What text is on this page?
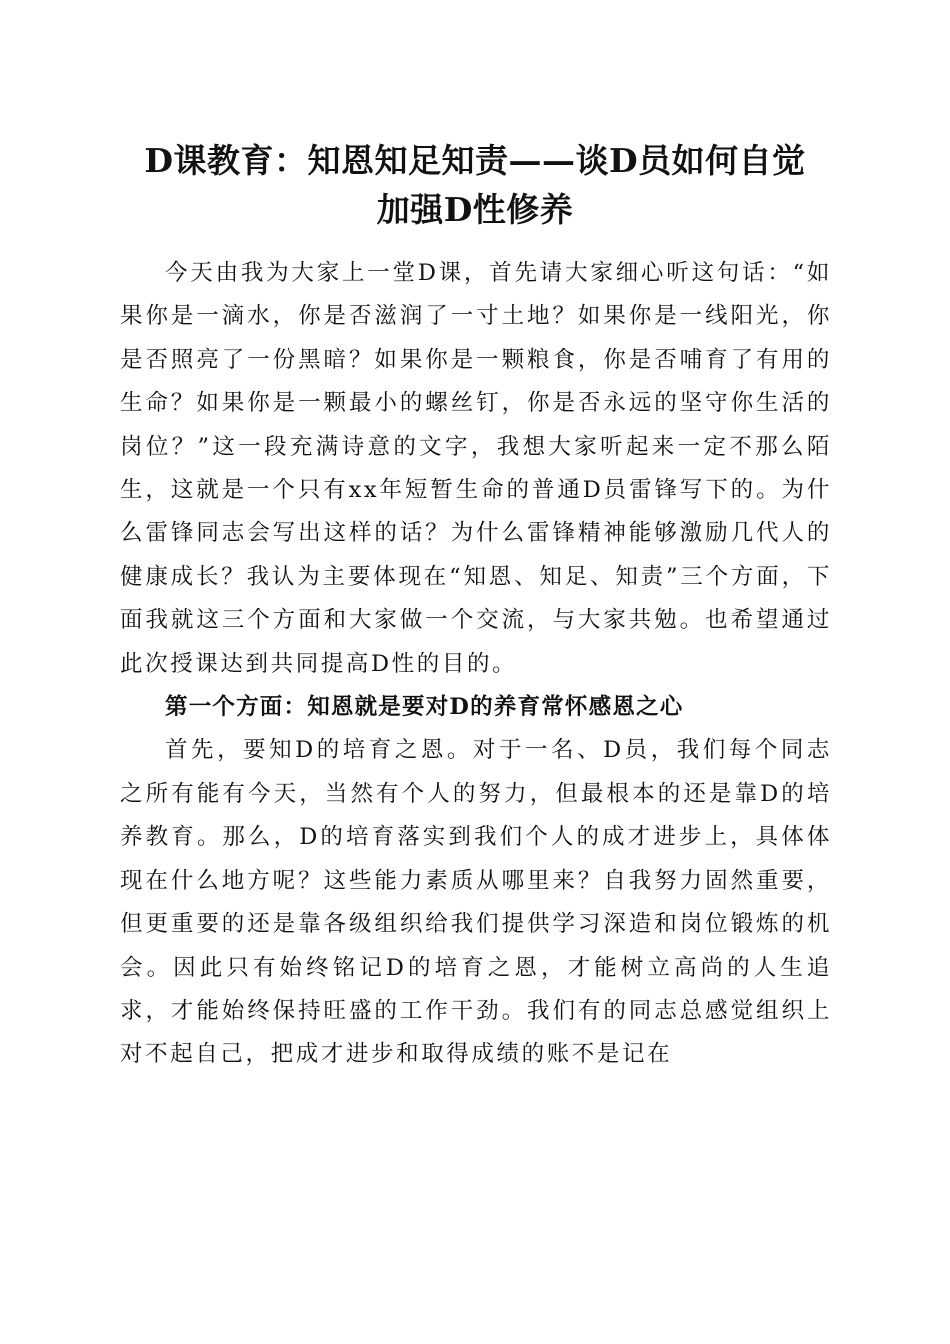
D课教育：知恩知足知责——谈D员如何自觉
加强D性修养

今天由我为大家上一堂D课，首先请大家细心听这句话：“如果你是一滴水，你是否滋润了一寸土地？如果你是一线阳光，你是否照亮了一份黑暗？如果你是一颗粮食，你是否哺育了有用的生命？如果你是一颗最小的螺丝钉，你是否永远的坚守你生活的岗位？”这一段充满诗意的文字，我想大家听起来一定不那么陌生，这就是一个只有xx年短暂生命的普通D员雷锋写下的。为什么雷锋同志会写出这样的话？为什么雷锋精神能够激励几代人的健康成长？我认为主要体现在“知恩、知足、知责”三个方面，下面我就这三个方面和大家做一个交流，与大家共勉。也希望通过此次授课达到共同提高D性的目的。

第一个方面：知恩就是要对D的养育常怀感恩之心

首先，要知D的培育之恩。对于一名、D员，我们每个同志之所有能有今天，当然有个人的努力，但最根本的还是靠D的培养教育。那么，D的培育落实到我们个人的成才进步上，具体体现在什么地方呢？这些能力素质从哪里来？自我努力固然重要，但更重要的还是靠各级组织给我们提供学习深造和岗位锻炼的机会。因此只有始终铭记D的培育之恩，才能树立高尚的人生追求，才能始终保持旺盛的工作干劲。我们有的同志总感觉组织上对不起自己，把成才进步和取得成绩的账不是记在
